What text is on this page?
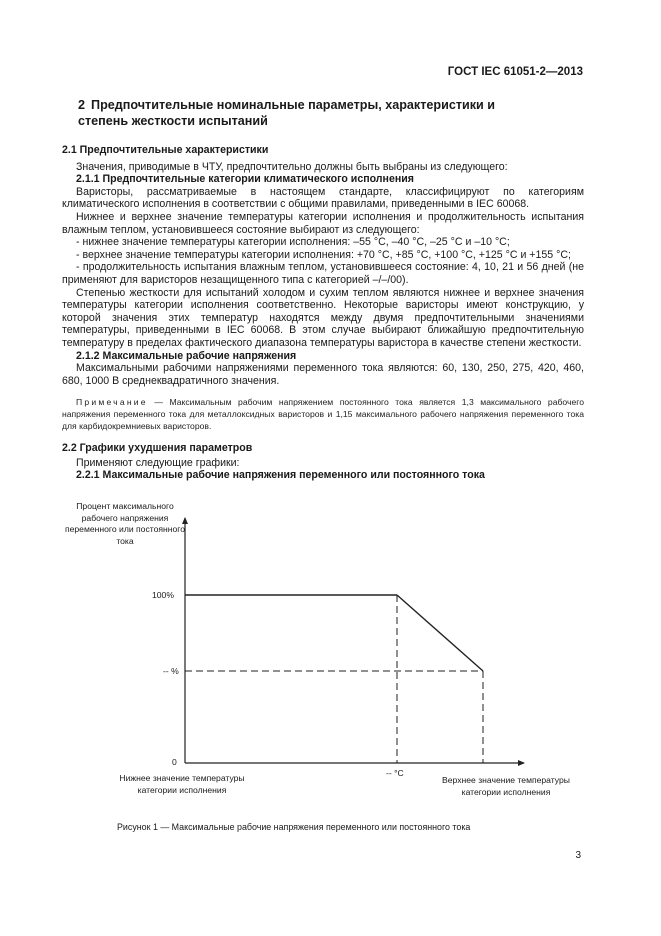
ГОСТ IEC 61051-2—2013
2 Предпочтительные номинальные параметры, характеристики и степень жесткости испытаний

2.1 Предпочтительные характеристики

Значения, приводимые в ЧТУ, предпочтительно должны быть выбраны из следующего:

2.1.1 Предпочтительные категории климатического исполнения

Варисторы, рассматриваемые в настоящем стандарте, классифицируют по категориям климатического исполнения в соответствии с общими правилами, приведенными в IEC 60068.

Нижнее и верхнее значение температуры категории исполнения и продолжительность испытания влажным теплом, установившееся состояние выбирают из следующего:

- нижнее значение температуры категории исполнения: –55 °С, –40 °С, –25 °С и –10 °С;

- верхнее значение температуры категории исполнения: +70 °С, +85 °С, +100 °С, +125 °С и +155 °С;

- продолжительность испытания влажным теплом, установившееся состояние: 4, 10, 21 и 56 дней (не применяют для варисторов незащищенного типа с категорией –/–/00).

Степенью жесткости для испытаний холодом и сухим теплом являются нижнее и верхнее значения температуры категории исполнения соответственно. Некоторые варисторы имеют конструкцию, у которой значения этих температур находятся между двумя предпочтительными значениями температуры, приведенными в IEC 60068. В этом случае выбирают ближайшую предпочтительную температуру в пределах фактического диапазона температуры варистора в качестве степени жесткости.

2.1.2 Максимальные рабочие напряжения

Максимальными рабочими напряжениями переменного тока являются: 60, 130, 250, 275, 420, 460, 680, 1000 В среднеквадратичного значения.

Примечание — Максимальным рабочим напряжением постоянного тока является 1,3 максимального рабочего напряжения переменного тока для металлоксидных варисторов и 1,15 максимального рабочего напряжения переменного тока для карбидокремниевых варисторов.

2.2 Графики ухудшения параметров

Применяют следующие графики:

2.2.1 Максимальные рабочие напряжения переменного или постоянного тока

Процент максимального рабочего напряжения переменного или постоянного тока
100%
-- %
0
-- °С
Нижнее значение температуры категории исполнения
Верхнее значение температуры категории исполнения
Рисунок 1 — Максимальные рабочие напряжения переменного или постоянного тока
3
